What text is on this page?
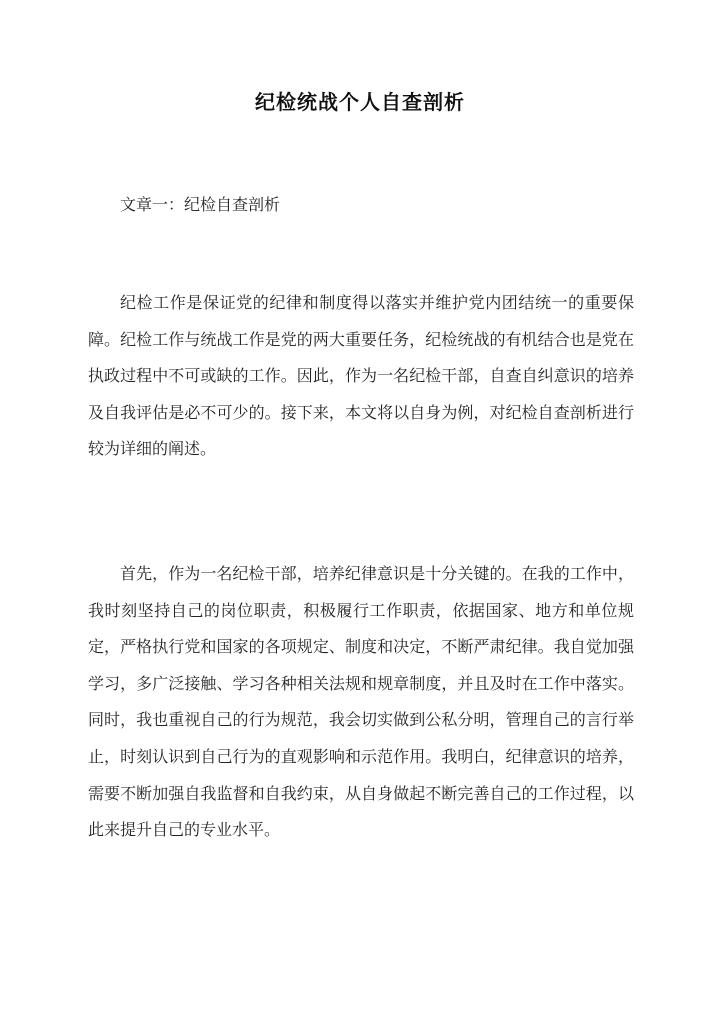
纪检统战个人自查剖析
文章一：纪检自查剖析

纪检工作是保证党的纪律和制度得以落实并维护党内团结统一的重要保障。纪检工作与统战工作是党的两大重要任务，纪检统战的有机结合也是党在执政过程中不可或缺的工作。因此，作为一名纪检干部，自查自纠意识的培养及自我评估是必不可少的。接下来，本文将以自身为例，对纪检自查剖析进行较为详细的阐述。

首先，作为一名纪检干部，培养纪律意识是十分关键的。在我的工作中，我时刻坚持自己的岗位职责，积极履行工作职责，依据国家、地方和单位规定，严格执行党和国家的各项规定、制度和决定，不断严肃纪律。我自觉加强学习，多广泛接触、学习各种相关法规和规章制度，并且及时在工作中落实。同时，我也重视自己的行为规范，我会切实做到公私分明，管理自己的言行举止，时刻认识到自己行为的直观影响和示范作用。我明白，纪律意识的培养，需要不断加强自我监督和自我约束，从自身做起不断完善自己的工作过程，以此来提升自己的专业水平。
